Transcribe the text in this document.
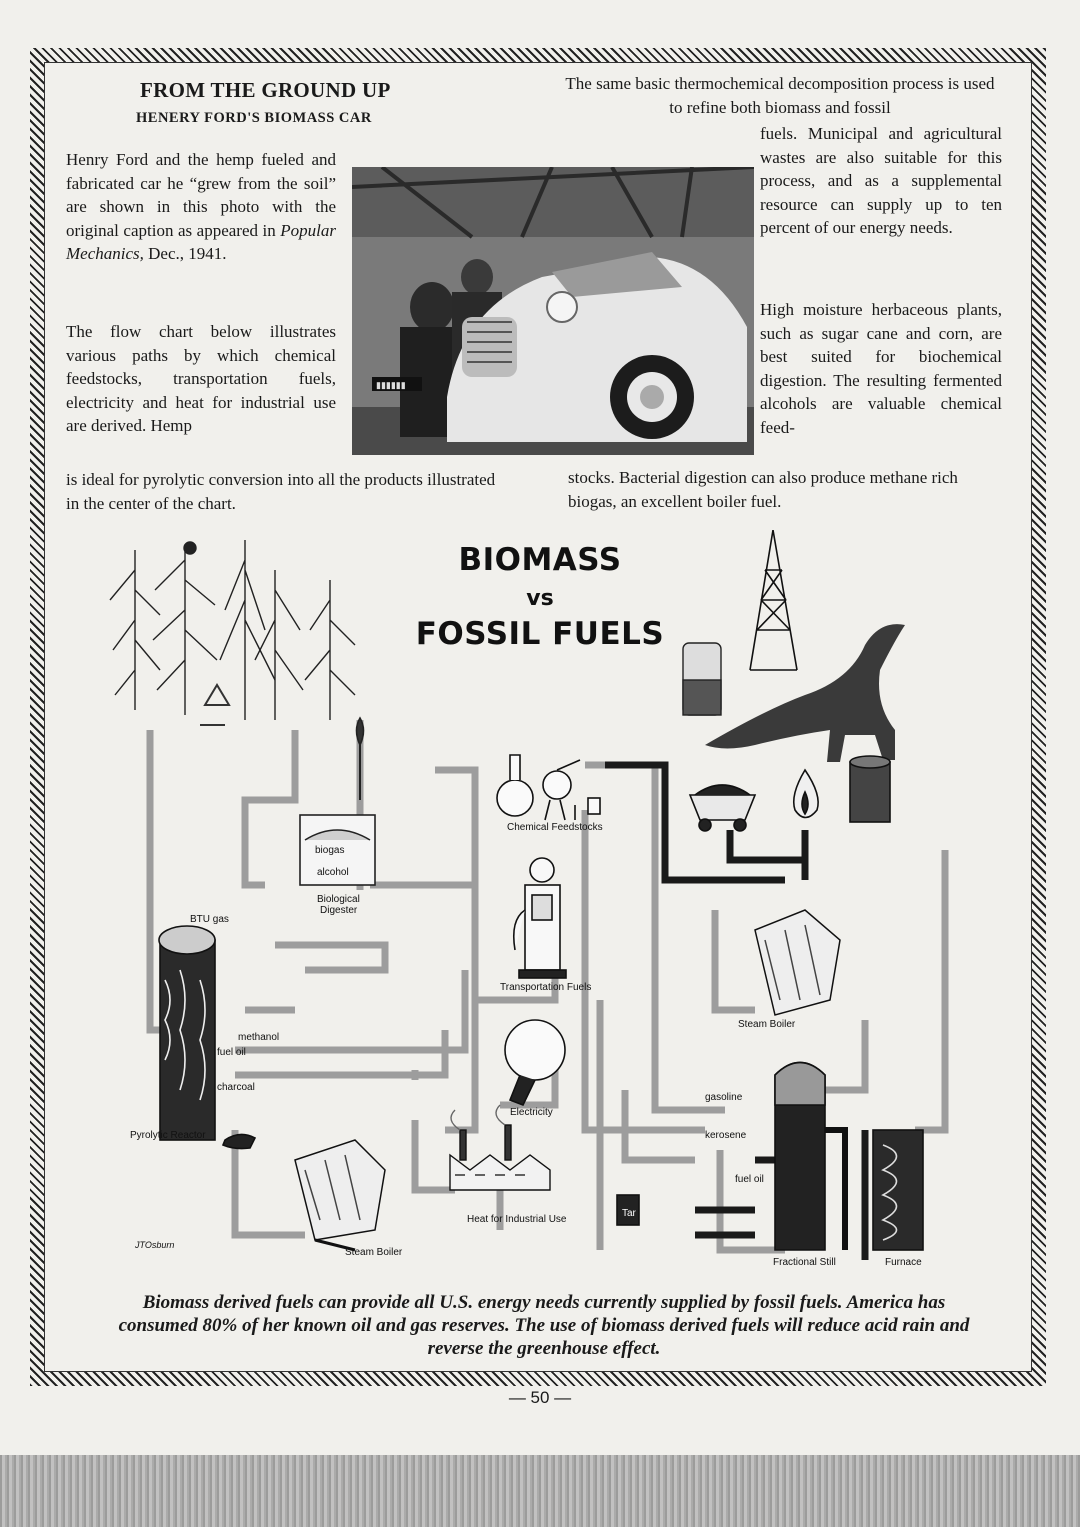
FROM THE GROUND UP
HENERY FORD'S BIOMASS CAR
Henry Ford and the hemp fueled and fabricated car he “grew from the soil” are shown in this photo with the original caption as appeared in Popular Mechanics, Dec., 1941.
The flow chart below illustrates various paths by which chemical feedstocks, transportation fuels, electricity and heat for industrial use are derived. Hemp
is ideal for pyrolytic conversion into all the products illustrated in the center of the chart.
The same basic thermochemical decomposition process is used to refine both biomass and fossil
fuels. Municipal and agricultural wastes are also suitable for this process, and as a supplemental resource can supply up to ten percent of our energy needs.
High moisture herbaceous plants, such as sugar cane and corn, are best suited for biochemical digestion. The resulting fermented alcohols are valuable chemical feed-
stocks. Bacterial digestion can also produce methane rich biogas, an excellent boiler fuel.
▮▮▮▮▮▮
BIOMASS
vs
FOSSIL FUELS
biogas
alcohol
Biological
Digester
BTU gas
methanol
fuel oil
charcoal
Pyrolytic Reactor
Steam Boiler
Chemical Feedstocks
Transportation Fuels
Electricity
Heat for Industrial Use
Steam Boiler
gasoline
kerosene
fuel oil
Tar
Fractional Still	Furnace
JTOsburn
Biomass derived fuels can provide all U.S. energy needs currently supplied by fossil fuels. America has consumed 80% of her known oil and gas reserves. The use of biomass derived fuels will reduce acid rain and reverse the greenhouse effect.
— 50 —
